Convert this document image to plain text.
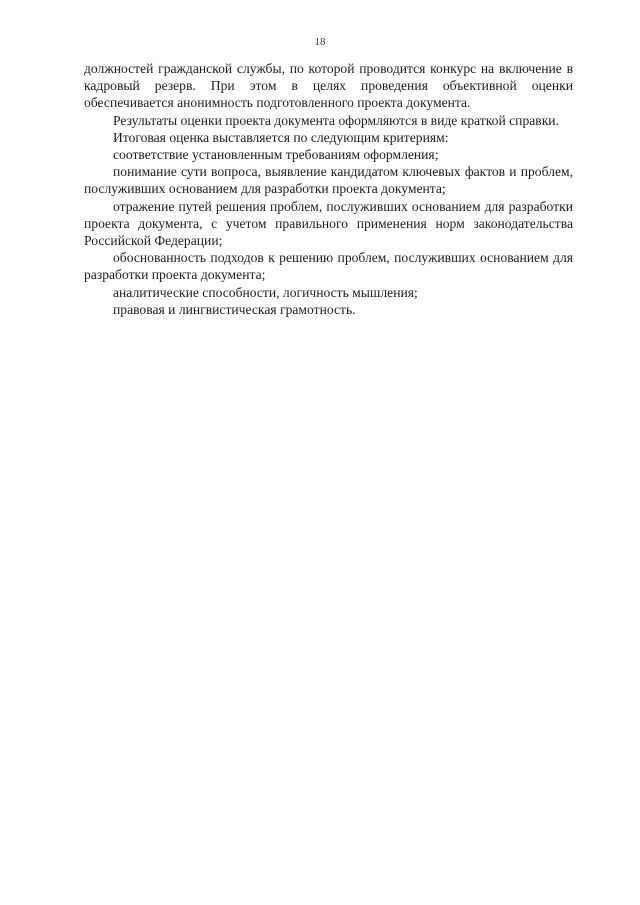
18

должностей гражданской службы, по которой проводится конкурс на включение в кадровый резерв. При этом в целях проведения объективной оценки обеспечивается анонимность подготовленного проекта документа.

Результаты оценки проекта документа оформляются в виде краткой справки.

Итоговая оценка выставляется по следующим критериям:

соответствие установленным требованиям оформления;

понимание сути вопроса, выявление кандидатом ключевых фактов и проблем, послуживших основанием для разработки проекта документа;

отражение путей решения проблем, послуживших основанием для разработки проекта документа, с учетом правильного применения норм законодательства Российской Федерации;

обоснованность подходов к решению проблем, послуживших основанием для разработки проекта документа;

аналитические способности, логичность мышления;

правовая и лингвистическая грамотность.
